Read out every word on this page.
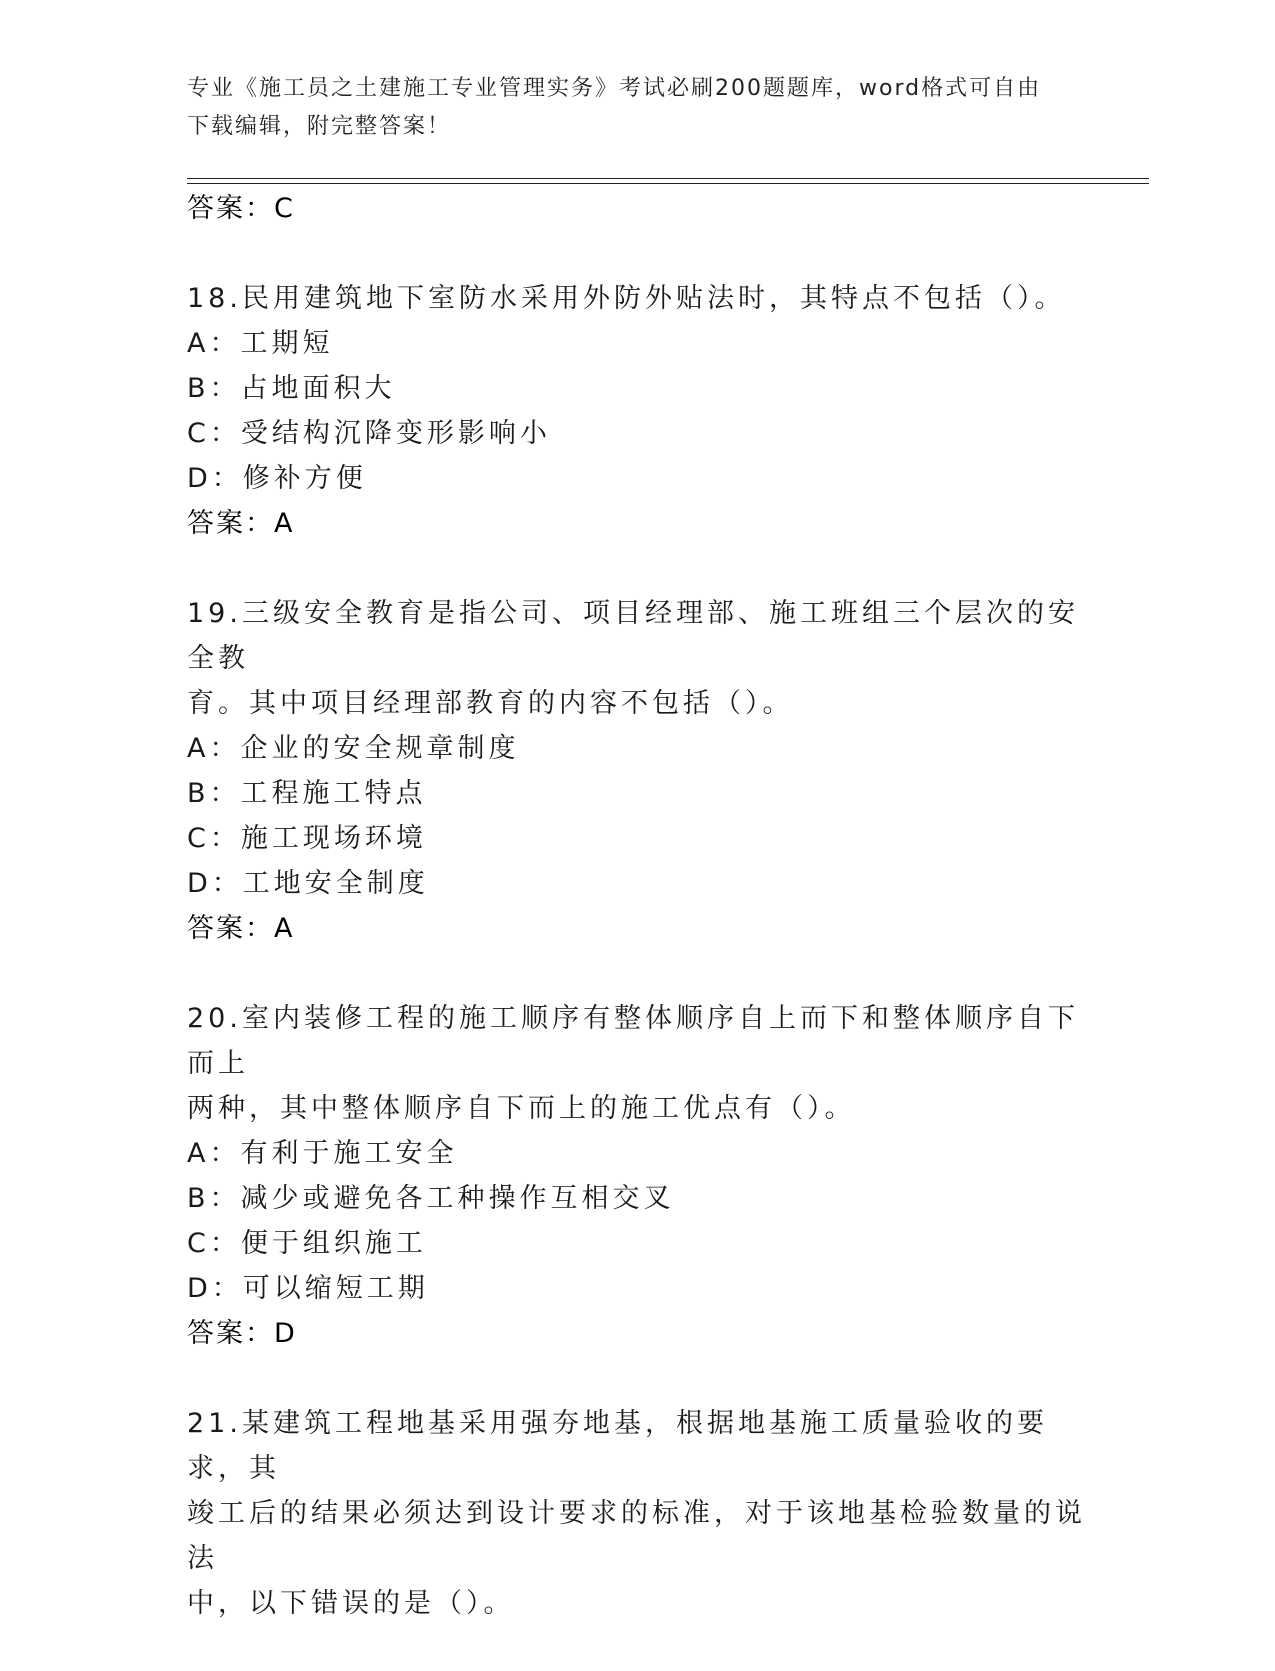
专业《施工员之土建施工专业管理实务》考试必刷200题题库，word格式可自由
下载编辑，附完整答案！
答案：C
18.民用建筑地下室防水采用外防外贴法时，其特点不包括（）。
A：工期短
B：占地面积大
C：受结构沉降变形影响小
D：修补方便
答案：A
19.三级安全教育是指公司、项目经理部、施工班组三个层次的安全教
育。其中项目经理部教育的内容不包括（）。
A：企业的安全规章制度
B：工程施工特点
C：施工现场环境
D：工地安全制度
答案：A
20.室内装修工程的施工顺序有整体顺序自上而下和整体顺序自下而上
两种，其中整体顺序自下而上的施工优点有（）。
A：有利于施工安全
B：减少或避免各工种操作互相交叉
C：便于组织施工
D：可以缩短工期
答案：D
21.某建筑工程地基采用强夯地基，根据地基施工质量验收的要求，其
竣工后的结果必须达到设计要求的标准，对于该地基检验数量的说法
中，以下错误的是（）。
